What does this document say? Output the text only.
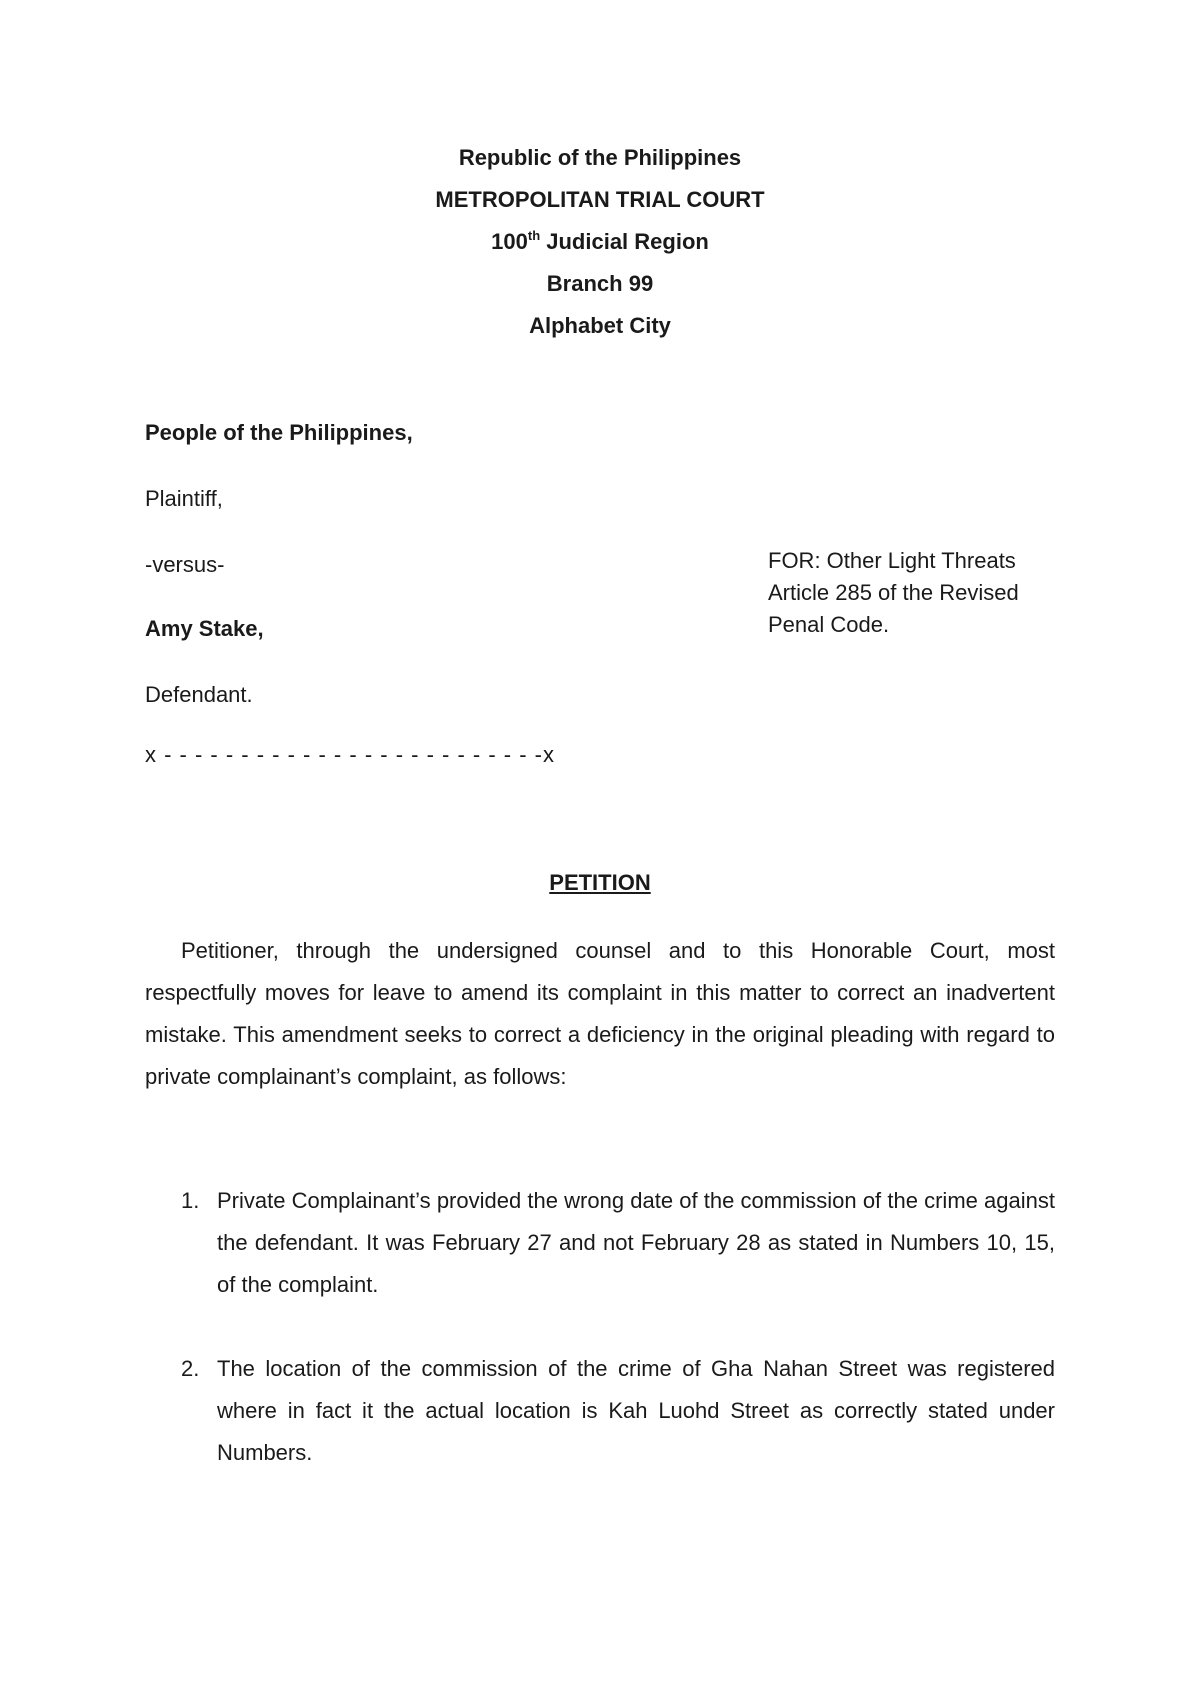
Republic of the Philippines
METROPOLITAN TRIAL COURT
100th Judicial Region
Branch 99
Alphabet City
People of the Philippines,
Plaintiff,
-versus-
Amy Stake,
Defendant.
FOR: Other Light Threats
Article 285 of the Revised
Penal Code.
x - - - - - - - - - - - - - - - - - - - - - - - - -x
PETITION
Petitioner, through the undersigned counsel and to this Honorable Court, most respectfully moves for leave to amend its complaint in this matter to correct an inadvertent mistake. This amendment seeks to correct a deficiency in the original pleading with regard to private complainant’s complaint, as follows:
1. Private Complainant’s provided the wrong date of the commission of the crime against the defendant. It was February 27 and not February 28 as stated in Numbers 10, 15, of the complaint.
2. The location of the commission of the crime of Gha Nahan Street was registered where in fact it the actual location is Kah Luohd Street as correctly stated under Numbers.
